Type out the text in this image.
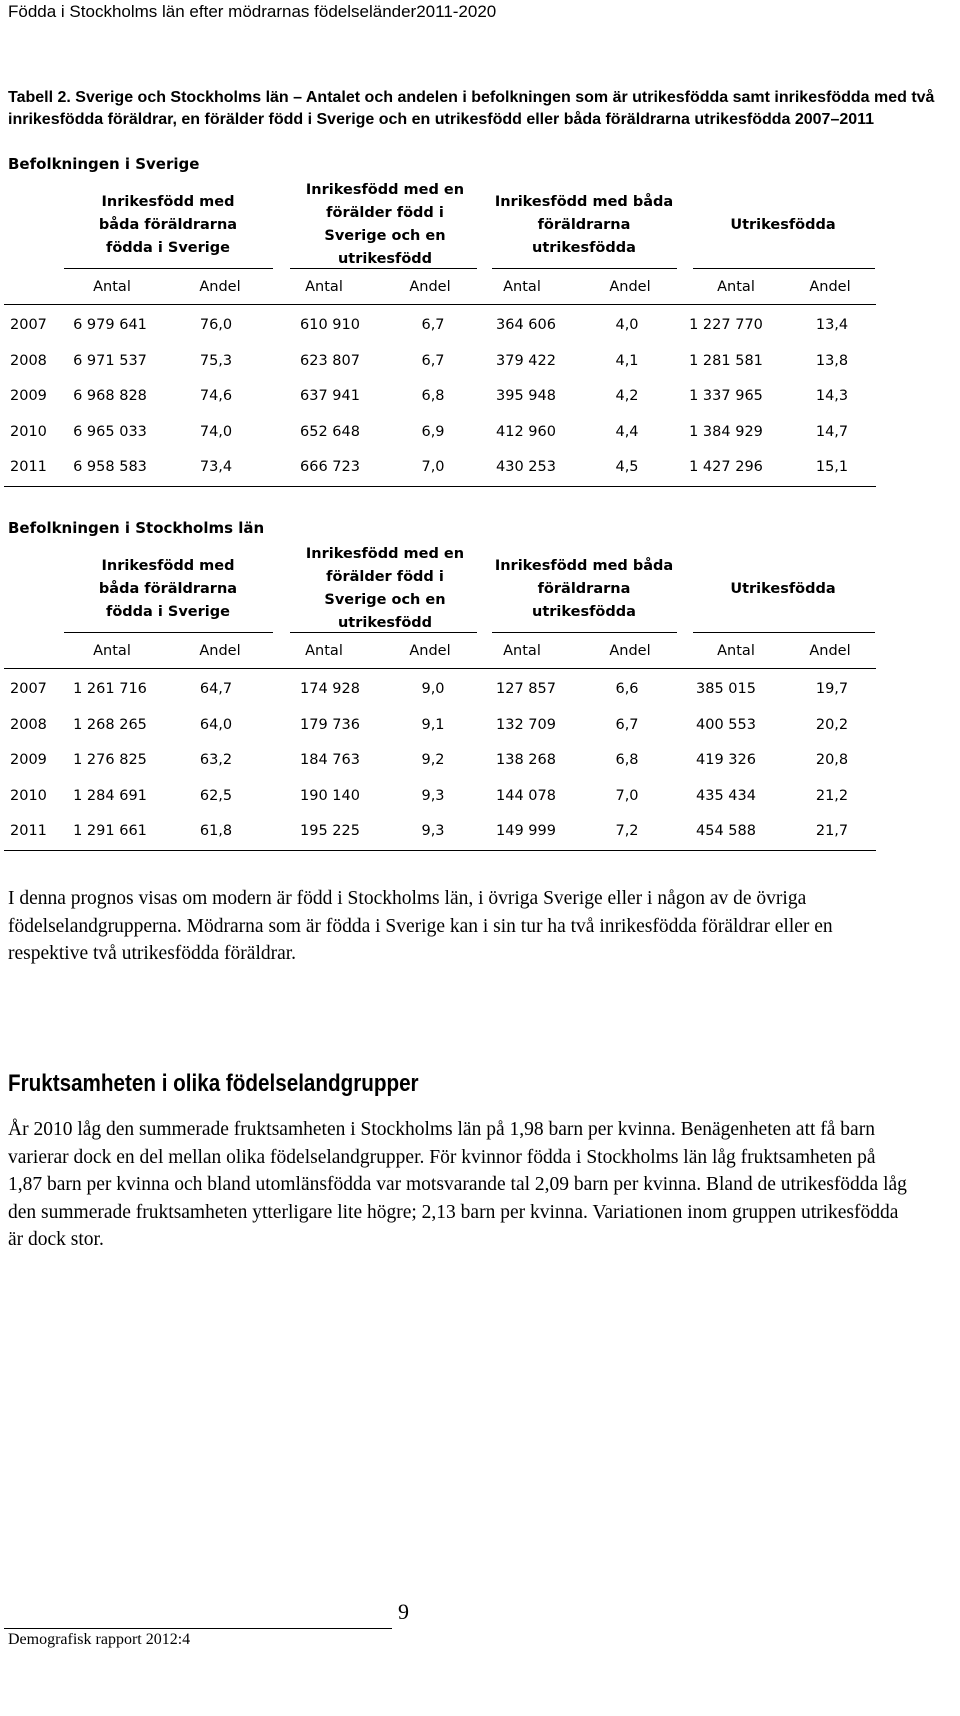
Födda i Stockholms län efter mödrarnas födelseländer2011-2020
Tabell 2. Sverige och Stockholms län – Antalet och andelen i befolkningen som är utrikesfödda samt inrikesfödda med två inrikesfödda föräldrar, en förälder född i Sverige och en utrikesfödd eller båda föräldrarna utrikesfödda 2007–2011
Befolkningen i Sverige
Inrikesfödd med båda föräldrarna födda i Sverige
Inrikesfödd med en förälder född i Sverige och en utrikesfödd
Inrikesfödd med båda föräldrarna utrikesfödda
Utrikesfödda
Antal	Andel	Antal	Andel	Antal	Andel	Antal	Andel
2007	6 979 641	76,0	610 910	6,7	364 606	4,0	1 227 770	13,4
2008	6 971 537	75,3	623 807	6,7	379 422	4,1	1 281 581	13,8
2009	6 968 828	74,6	637 941	6,8	395 948	4,2	1 337 965	14,3
2010	6 965 033	74,0	652 648	6,9	412 960	4,4	1 384 929	14,7
2011	6 958 583	73,4	666 723	7,0	430 253	4,5	1 427 296	15,1
Befolkningen i Stockholms län
Inrikesfödd med båda föräldrarna födda i Sverige
Inrikesfödd med en förälder född i Sverige och en utrikesfödd
Inrikesfödd med båda föräldrarna utrikesfödda
Utrikesfödda
Antal	Andel	Antal	Andel	Antal	Andel	Antal	Andel
2007	1 261 716	64,7	174 928	9,0	127 857	6,6	385 015	19,7
2008	1 268 265	64,0	179 736	9,1	132 709	6,7	400 553	20,2
2009	1 276 825	63,2	184 763	9,2	138 268	6,8	419 326	20,8
2010	1 284 691	62,5	190 140	9,3	144 078	7,0	435 434	21,2
2011	1 291 661	61,8	195 225	9,3	149 999	7,2	454 588	21,7
I denna prognos visas om modern är född i Stockholms län, i övriga Sverige eller i någon av de övriga födelselandgrupperna. Mödrarna som är födda i Sverige kan i sin tur ha två inrikesfödda föräldrar eller en respektive två utrikesfödda föräldrar.
Fruktsamheten i olika födelselandgrupper
År 2010 låg den summerade fruktsamheten i Stockholms län på 1,98 barn per kvinna. Benägenheten att få barn varierar dock en del mellan olika födelselandgrupper. För kvinnor födda i Stockholms län låg fruktsamheten på 1,87 barn per kvinna och bland utomlänsfödda var motsvarande tal 2,09 barn per kvinna. Bland de utrikesfödda låg den summerade fruktsamheten ytterligare lite högre; 2,13 barn per kvinna. Variationen inom gruppen utrikesfödda är dock stor.
9
Demografisk rapport 2012:4
